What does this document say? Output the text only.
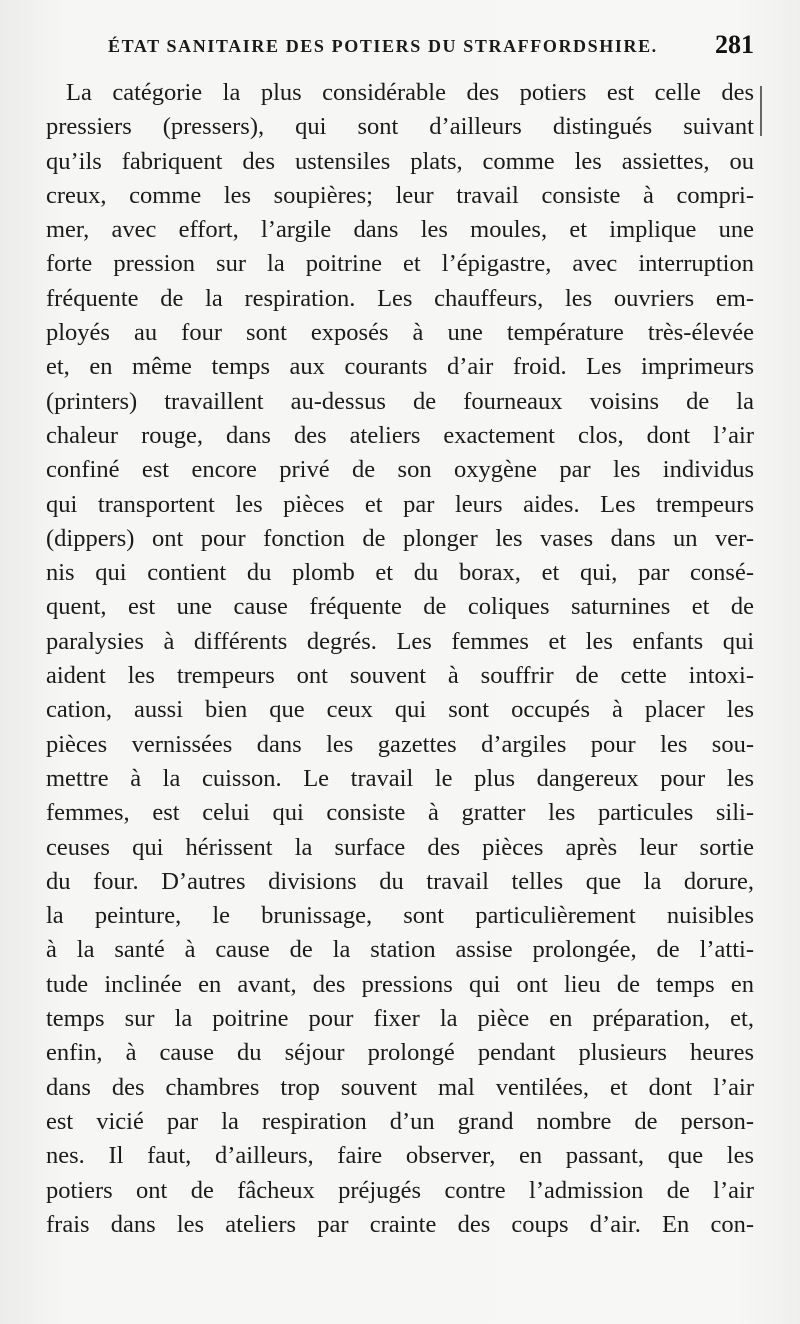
ÉTAT SANITAIRE DES POTIERS DU STRAFFORDSHIRE. 281
La catégorie la plus considérable des potiers est celle des
pressiers (pressers), qui sont d’ailleurs distingués suivant
qu’ils fabriquent des ustensiles plats, comme les assiettes, ou
creux, comme les soupières; leur travail consiste à compri-
mer, avec effort, l’argile dans les moules, et implique une
forte pression sur la poitrine et l’épigastre, avec interruption
fréquente de la respiration. Les chauffeurs, les ouvriers em-
ployés au four sont exposés à une température très-élevée
et, en même temps aux courants d’air froid. Les imprimeurs
(printers) travaillent au-dessus de fourneaux voisins de la
chaleur rouge, dans des ateliers exactement clos, dont l’air
confiné est encore privé de son oxygène par les individus
qui transportent les pièces et par leurs aides. Les trempeurs
(dippers) ont pour fonction de plonger les vases dans un ver-
nis qui contient du plomb et du borax, et qui, par consé-
quent, est une cause fréquente de coliques saturnines et de
paralysies à différents degrés. Les femmes et les enfants qui
aident les trempeurs ont souvent à souffrir de cette intoxi-
cation, aussi bien que ceux qui sont occupés à placer les
pièces vernissées dans les gazettes d’argiles pour les sou-
mettre à la cuisson. Le travail le plus dangereux pour les
femmes, est celui qui consiste à gratter les particules sili-
ceuses qui hérissent la surface des pièces après leur sortie
du four. D’autres divisions du travail telles que la dorure,
la peinture, le brunissage, sont particulièrement nuisibles
à la santé à cause de la station assise prolongée, de l’atti-
tude inclinée en avant, des pressions qui ont lieu de temps en
temps sur la poitrine pour fixer la pièce en préparation, et,
enfin, à cause du séjour prolongé pendant plusieurs heures
dans des chambres trop souvent mal ventilées, et dont l’air
est vicié par la respiration d’un grand nombre de person-
nes. Il faut, d’ailleurs, faire observer, en passant, que les
potiers ont de fâcheux préjugés contre l’admission de l’air
frais dans les ateliers par crainte des coups d’air. En con-
